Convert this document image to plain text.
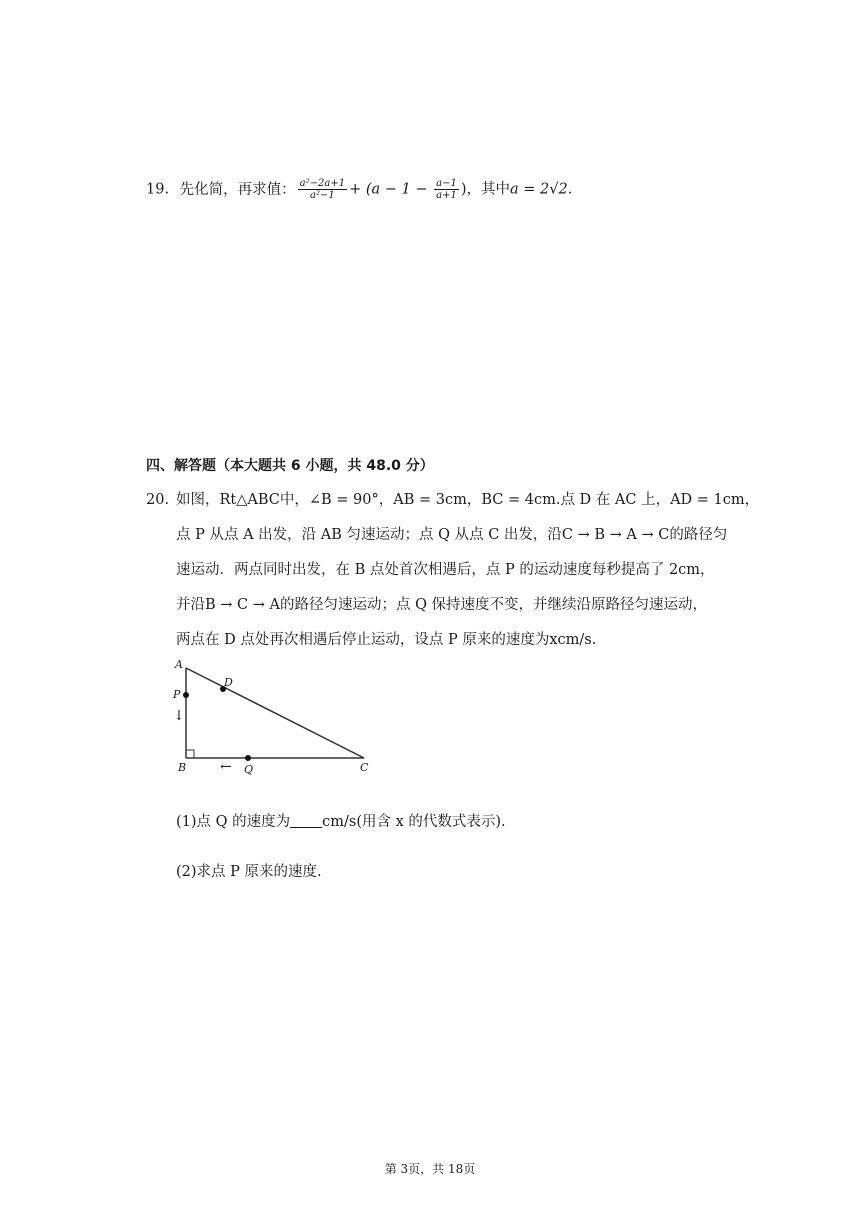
19. 先化简，再求值： $\frac{\text{a²−2a+1}}{\text{a²−1}} + (a - 1 - \frac{a-1}{a+1}$ )，其中a = 2√2.
四、解答题（本大题共 6 小题，共 48.0 分）
20. 如图，Rt△ABC中，∠B = 90°，AB = 3cm，BC = 4cm.点 D 在 AC 上，AD = 1cm，
点 P 从点 A 出发，沿 AB 匀速运动；点 Q 从点 C 出发，沿C → B → A → C的路径匀
速运动．两点同时出发，在 B 点处首次相遇后，点 P 的运动速度每秒提高了 2cm，
并沿B → C → A的路径匀速运动；点 Q 保持速度不变，并继续沿原路径匀速运动，
两点在 D 点处再次相遇后停止运动，设点 P 原来的速度为xcm/s.
A
B	C
D
P
Q
↓
←
(1)点 Q 的速度为 cm/s(用含 x 的代数式表示).
(2)求点 P 原来的速度.
第 3页，共 18页
